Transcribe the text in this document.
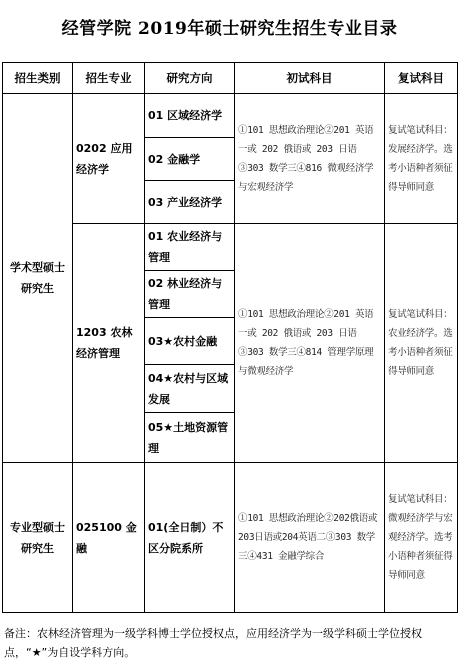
经管学院 2019年硕士研究生招生专业目录
招生类别	招生专业	研究方向	初试科目	复试科目
学术型硕士研究生	0202 应用经济学	01 区域经济学	①101 思想政治理论②201 英语一或 202 俄语或 203 日语③303 数学三④816 微观经济学与宏观经济学	复试笔试科目：发展经济学。选考小语种者须征得导师同意
		02 金融学		
		03 产业经济学		
	1203 农林经济管理	01 农业经济与管理	①101 思想政治理论②201 英语一或 202 俄语或 203 日语③303 数学三④814 管理学原理与微观经济学	复试笔试科目：农业经济学。选考小语种者须征得导师同意
		02 林业经济与管理		
		03★农村金融		
		04★农村与区域发展		
		05★土地资源管理		
专业型硕士研究生	025100 金融	01(全日制）不区分院系所	①101 思想政治理论②202俄语或203日语或204英语二③303 数学三④431 金融学综合	复试笔试科目：微观经济学与宏观经济学。选考小语种者须征得导师同意
备注：农林经济管理为一级学科博士学位授权点，应用经济学为一级学科硕士学位授权点，“★”为自设学科方向。
